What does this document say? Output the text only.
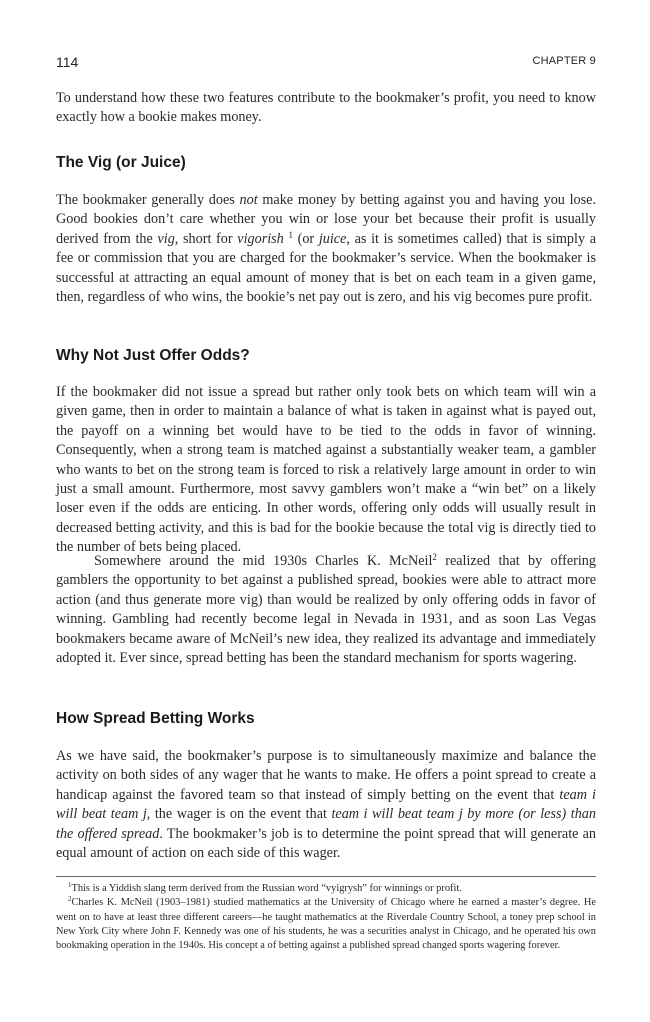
114	CHAPTER 9

To understand how these two features contribute to the bookmaker’s profit, you need to know exactly how a bookie makes money.

The Vig (or Juice)

The bookmaker generally does not make money by betting against you and having you lose. Good bookies don’t care whether you win or lose your bet because their profit is usually derived from the vig, short for vigorish $^1$ (or juice, as it is sometimes called) that is simply a fee or commission that you are charged for the bookmaker’s service. When the bookmaker is successful at attracting an equal amount of money that is bet on each team in a given game, then, regardless of who wins, the bookie’s net pay out is zero, and his vig becomes pure profit.

Why Not Just Offer Odds?

If the bookmaker did not issue a spread but rather only took bets on which team will win a given game, then in order to maintain a balance of what is taken in against what is payed out, the payoff on a winning bet would have to be tied to the odds in favor of winning. Consequently, when a strong team is matched against a substantially weaker team, a gambler who wants to bet on the strong team is forced to risk a relatively large amount in order to win just a small amount. Furthermore, most savvy gamblers won’t make a “win bet” on a likely loser even if the odds are enticing. In other words, offering only odds will usually result in decreased betting activity, and this is bad for the bookie because the total vig is directly tied to the number of bets being placed.

Somewhere around the mid 1930s Charles K. McNeil$^2$ realized that by offering gamblers the opportunity to bet against a published spread, bookies were able to attract more action (and thus generate more vig) than would be realized by only offering odds in favor of winning. Gambling had recently become legal in Nevada in 1931, and as soon Las Vegas bookmakers became aware of McNeil’s new idea, they realized its advantage and immediately adopted it. Ever since, spread betting has been the standard mechanism for sports wagering.

How Spread Betting Works

As we have said, the bookmaker’s purpose is to simultaneously maximize and balance the activity on both sides of any wager that he wants to make. He offers a point spread to create a handicap against the favored team so that instead of simply betting on the event that team i will beat team j, the wager is on the event that team i will beat team j by more (or less) than the offered spread. The bookmaker’s job is to determine the point spread that will generate an equal amount of action on each side of this wager.

$^1$This is a Yiddish slang term derived from the Russian word “vyigrysh” for winnings or profit.

$^2$Charles K. McNeil (1903–1981) studied mathematics at the University of Chicago where he earned a master’s degree. He went on to have at least three different careers—he taught mathematics at the Riverdale Country School, a toney prep school in New York City where John F. Kennedy was one of his students, he was a securities analyst in Chicago, and he operated his own bookmaking operation in the 1940s. His concept a of betting against a published spread changed sports wagering forever.
